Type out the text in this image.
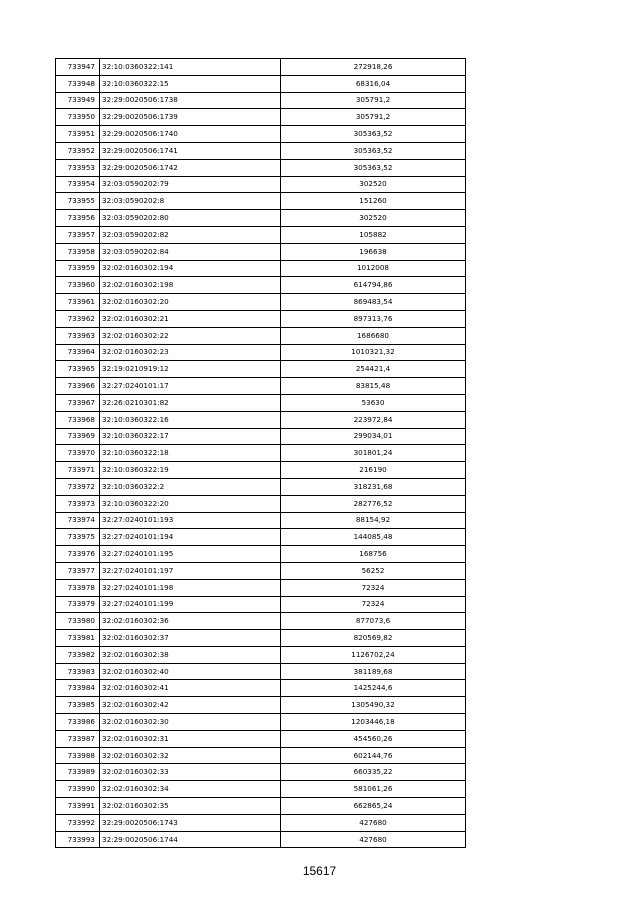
733947	32:10:0360322:141	272918,26
733948	32:10:0360322:15	68316,04
733949	32:29:0020506:1738	305791,2
733950	32:29:0020506:1739	305791,2
733951	32:29:0020506:1740	305363,52
733952	32:29:0020506:1741	305363,52
733953	32:29:0020506:1742	305363,52
733954	32:03:0590202:79	302520
733955	32:03:0590202:8	151260
733956	32:03:0590202:80	302520
733957	32:03:0590202:82	105882
733958	32:03:0590202:84	196638
733959	32:02:0160302:194	1012008
733960	32:02:0160302:198	614794,86
733961	32:02:0160302:20	869483,54
733962	32:02:0160302:21	897313,76
733963	32:02:0160302:22	1686680
733964	32:02:0160302:23	1010321,32
733965	32:19:0210919:12	254421,4
733966	32:27:0240101:17	83815,48
733967	32:26:0210301:82	53630
733968	32:10:0360322:16	223972,84
733969	32:10:0360322:17	299034,01
733970	32:10:0360322:18	301801,24
733971	32:10:0360322:19	216190
733972	32:10:0360322:2	318231,68
733973	32:10:0360322:20	282776,52
733974	32:27:0240101:193	88154,92
733975	32:27:0240101:194	144085,48
733976	32:27:0240101:195	168756
733977	32:27:0240101:197	56252
733978	32:27:0240101:198	72324
733979	32:27:0240101:199	72324
733980	32:02:0160302:36	877073,6
733981	32:02:0160302:37	820569,82
733982	32:02:0160302:38	1126702,24
733983	32:02:0160302:40	381189,68
733984	32:02:0160302:41	1425244,6
733985	32:02:0160302:42	1305490,32
733986	32:02:0160302:30	1203446,18
733987	32:02:0160302:31	454560,26
733988	32:02:0160302:32	602144,76
733989	32:02:0160302:33	660335,22
733990	32:02:0160302:34	581061,26
733991	32:02:0160302:35	662865,24
733992	32:29:0020506:1743	427680
733993	32:29:0020506:1744	427680
15617
